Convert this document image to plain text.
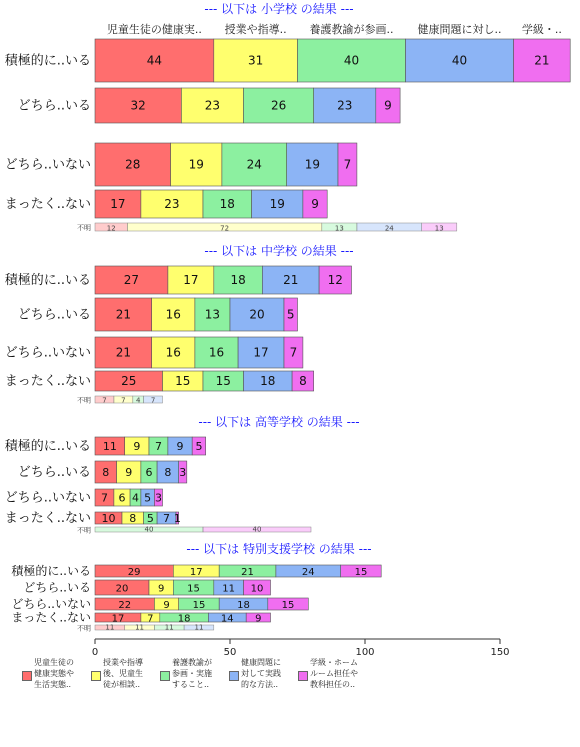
児童生徒の健康実.. 授業や指導.. 養護教諭が参画.. 健康問題に対し.. 学級・..
--- 以下は 小学校 の結果 ---
積極的に..いる	44	31	40	40	21
どちら..いる	32	23	26	23	9
どちら..いない	28	19	24	19 7
まったく..ない 17	23	18	19 9
不明 12	72	13	24	13
--- 以下は 中学校 の結果 ---
積極的に..いる	27	17	18	21 12
どちら..いる 21	16 13 20 5
どちら..いない 21	16 16 17 7
まったく..ない	25	15 15 18 8
不明 7 7 4 7
--- 以下は 高等学校 の結果 ---
積極的に..いる 11 9 7 9 5
どちら..いる 8 9 6 8 3
どちら..いない 7 6 4 5 3
まったく..ない 10 8 5 7 1
不明	40	40
--- 以下は 特別支援学校 の結果 ---
積極的に..いる	29	17	21	24	15
どちら..いる 20	9 15 11 10
どちら..いない	22	9 15	18	15
まったく..ない 17 7 18	14 9
不明 11	11	11	11
0	50	100	150
児童生徒の
健康実態や
生活実態..
授業や指導
後、児童生
徒が相談..
養護教諭が
参画・実施
すること..
健康問題に
対して実践
的な方法..
学級・ホーム
ルーム担任や
教科担任の..
